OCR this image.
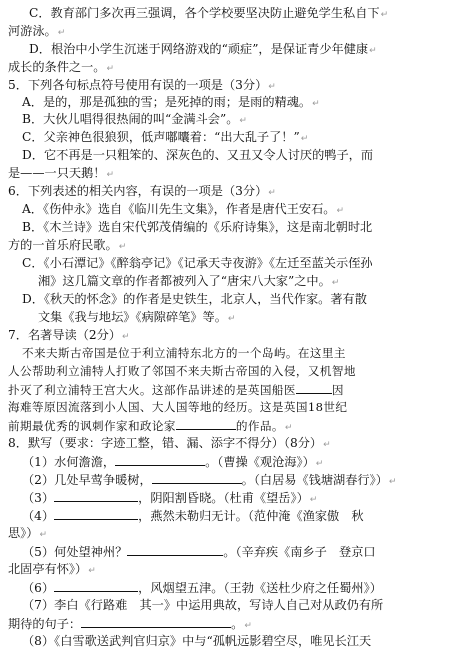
C．教育部门多次再三强调，各个学校要坚决防止避免学生私自下↵
河游泳。↵
D．根治中小学生沉迷于网络游戏的“顽症”，是保证青少年健康↵
成长的条件之一。↵
5．下列各句标点符号使用有误的一项是（3分）↵
A．是的，那是孤独的雪；是死掉的雨；是雨的精魂。↵
B．大伙儿唱得很热闹的叫“金满斗会”。↵
C．父亲神色很狼狈，低声嘟囔着：“出大乱子了！”↵
D．它不再是一只粗笨的、深灰色的、又丑又令人讨厌的鸭子，而
是——一只天鹅！↵
6．下列表述的相关内容，有误的一项是（3分）↵
A．《伤仲永》选自《临川先生文集》，作者是唐代王安石。↵
B．《木兰诗》选自宋代郭茂倩编的《乐府诗集》，这是南北朝时北
方的一首乐府民歌。↵
C．《小石潭记》《醉翁亭记》《记承天寺夜游》《左迁至蓝关示侄孙
湘》这几篇文章的作者都被列入了“唐宋八大家”之中。↵
D．《秋天的怀念》的作者是史铁生，北京人，当代作家。著有散
文集《我与地坛》《病隙碎笔》等。↵
7．名著导读（2分）↵
不来夫斯古帝国是位于利立浦特东北方的一个岛屿。在这里主
人公帮助利立浦特人打败了邻国不来夫斯古帝国的入侵，又机智地
扑灭了利立浦特王宫大火。这部作品讲述的是英国船医	因
海难等原因流落到小人国、大人国等地的经历。这是英国18世纪
前期最优秀的讽刺作家和政论家	的作品。↵
8．默写（要求：字迹工整，错、漏、添字不得分）（8分）↵
（1）水何澹澹，	。（曹操《观沧海》）↵
（2）几处早莺争暖树，	。（白居易《钱塘湖春行》）↵
（3）	，阴阳割昏晓。（杜甫《望岳》）↵
（4）	，燕然未勒归无计。（范仲淹《渔家傲　秋
思》）↵
（5）何处望神州？	。（辛弃疾《南乡子　登京口
北固亭有怀》）↵
（6）	，风烟望五津。（王勃《送杜少府之任蜀州》）
（7）李白《行路难　其一》中运用典故，写诗人自己对从政仍有所
期待的句子：	。↵
（8）《白雪歌送武判官归京》中与“孤帆远影碧空尽，唯见长江天
